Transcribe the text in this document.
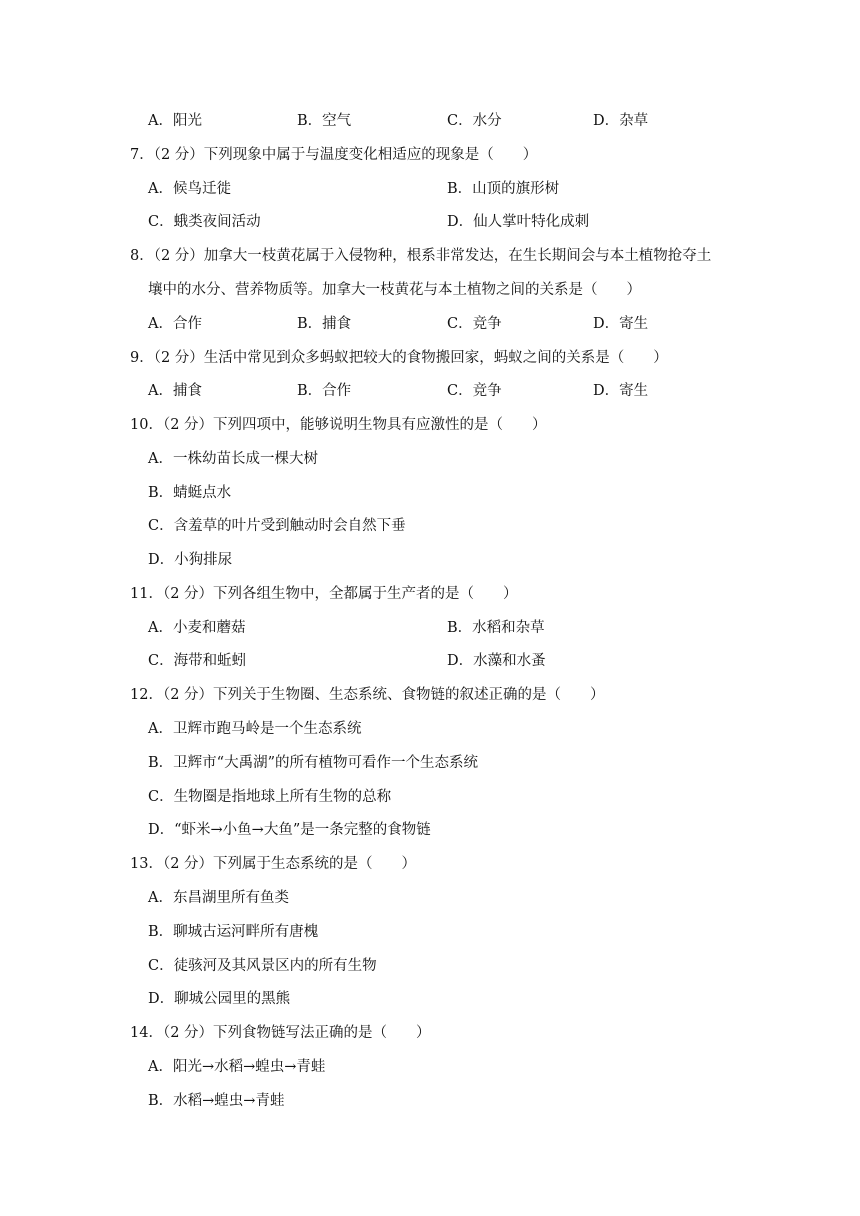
A．阳光	B．空气	C．水分	D．杂草
7．（2 分）下列现象中属于与温度变化相适应的现象是（　　）
A．候鸟迁徙	B．山顶的旗形树
C．蛾类夜间活动	D．仙人掌叶特化成刺
8．（2 分）加拿大一枝黄花属于入侵物种，根系非常发达，在生长期间会与本土植物抢夺土
壤中的水分、营养物质等。加拿大一枝黄花与本土植物之间的关系是（　　）
A．合作	B．捕食	C．竞争	D．寄生
9．（2 分）生活中常见到众多蚂蚁把较大的食物搬回家，蚂蚁之间的关系是（　　）
A．捕食	B．合作	C．竞争	D．寄生
10．（2 分）下列四项中，能够说明生物具有应激性的是（　　）
A．一株幼苗长成一棵大树
B．蜻蜓点水
C．含羞草的叶片受到触动时会自然下垂
D．小狗排尿
11．（2 分）下列各组生物中，全都属于生产者的是（　　）
A．小麦和蘑菇	B．水稻和杂草
C．海带和蚯蚓	D．水藻和水蚤
12．（2 分）下列关于生物圈、生态系统、食物链的叙述正确的是（　　）
A．卫辉市跑马岭是一个生态系统
B．卫辉市“大禹湖”的所有植物可看作一个生态系统
C．生物圈是指地球上所有生物的总称
D．“虾米→小鱼→大鱼”是一条完整的食物链
13．（2 分）下列属于生态系统的是（　　）
A．东昌湖里所有鱼类
B．聊城古运河畔所有唐槐
C．徒骇河及其风景区内的所有生物
D．聊城公园里的黑熊
14．（2 分）下列食物链写法正确的是（　　）
A．阳光→水稻→蝗虫→青蛙
B．水稻→蝗虫→青蛙
